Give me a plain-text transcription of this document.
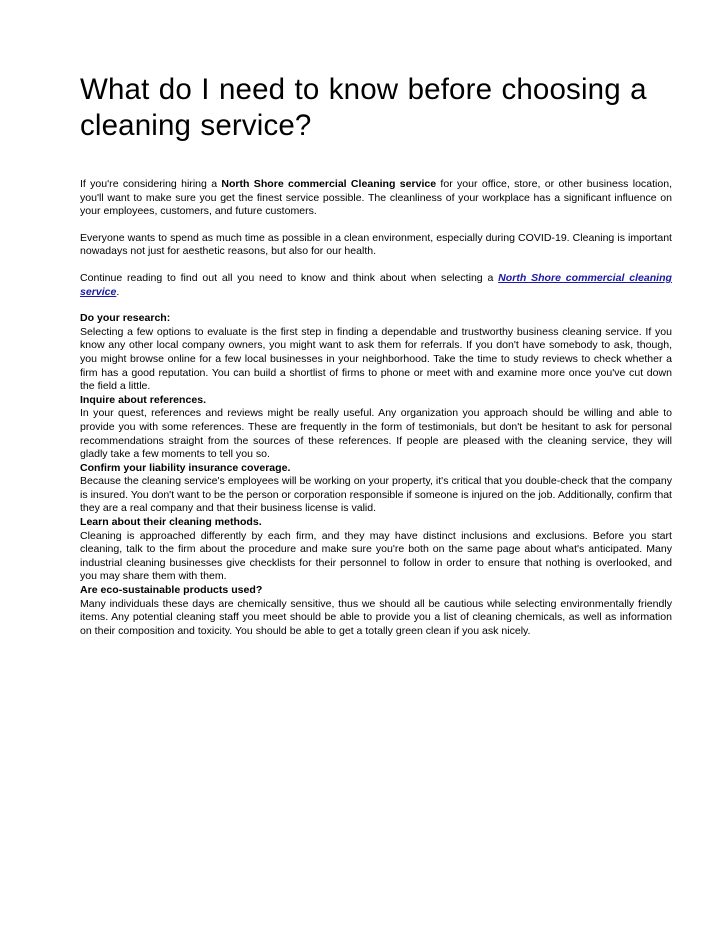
What do I need to know before choosing a cleaning service?

If you're considering hiring a North Shore commercial Cleaning service for your office, store, or other business location, you'll want to make sure you get the finest service possible. The cleanliness of your workplace has a significant influence on your employees, customers, and future customers.

Everyone wants to spend as much time as possible in a clean environment, especially during COVID-19. Cleaning is important nowadays not just for aesthetic reasons, but also for our health.

Continue reading to find out all you need to know and think about when selecting a North Shore commercial cleaning service.

Do your research:

Selecting a few options to evaluate is the first step in finding a dependable and trustworthy business cleaning service. If you know any other local company owners, you might want to ask them for referrals. If you don't have somebody to ask, though, you might browse online for a few local businesses in your neighborhood. Take the time to study reviews to check whether a firm has a good reputation. You can build a shortlist of firms to phone or meet with and examine more once you've cut down the field a little.

Inquire about references.

In your quest, references and reviews might be really useful. Any organization you approach should be willing and able to provide you with some references. These are frequently in the form of testimonials, but don't be hesitant to ask for personal recommendations straight from the sources of these references. If people are pleased with the cleaning service, they will gladly take a few moments to tell you so.

Confirm your liability insurance coverage.

Because the cleaning service's employees will be working on your property, it's critical that you double-check that the company is insured. You don't want to be the person or corporation responsible if someone is injured on the job. Additionally, confirm that they are a real company and that their business license is valid.

Learn about their cleaning methods.

Cleaning is approached differently by each firm, and they may have distinct inclusions and exclusions. Before you start cleaning, talk to the firm about the procedure and make sure you're both on the same page about what's anticipated. Many industrial cleaning businesses give checklists for their personnel to follow in order to ensure that nothing is overlooked, and you may share them with them.

Are eco-sustainable products used?

Many individuals these days are chemically sensitive, thus we should all be cautious while selecting environmentally friendly items. Any potential cleaning staff you meet should be able to provide you a list of cleaning chemicals, as well as information on their composition and toxicity. You should be able to get a totally green clean if you ask nicely.
